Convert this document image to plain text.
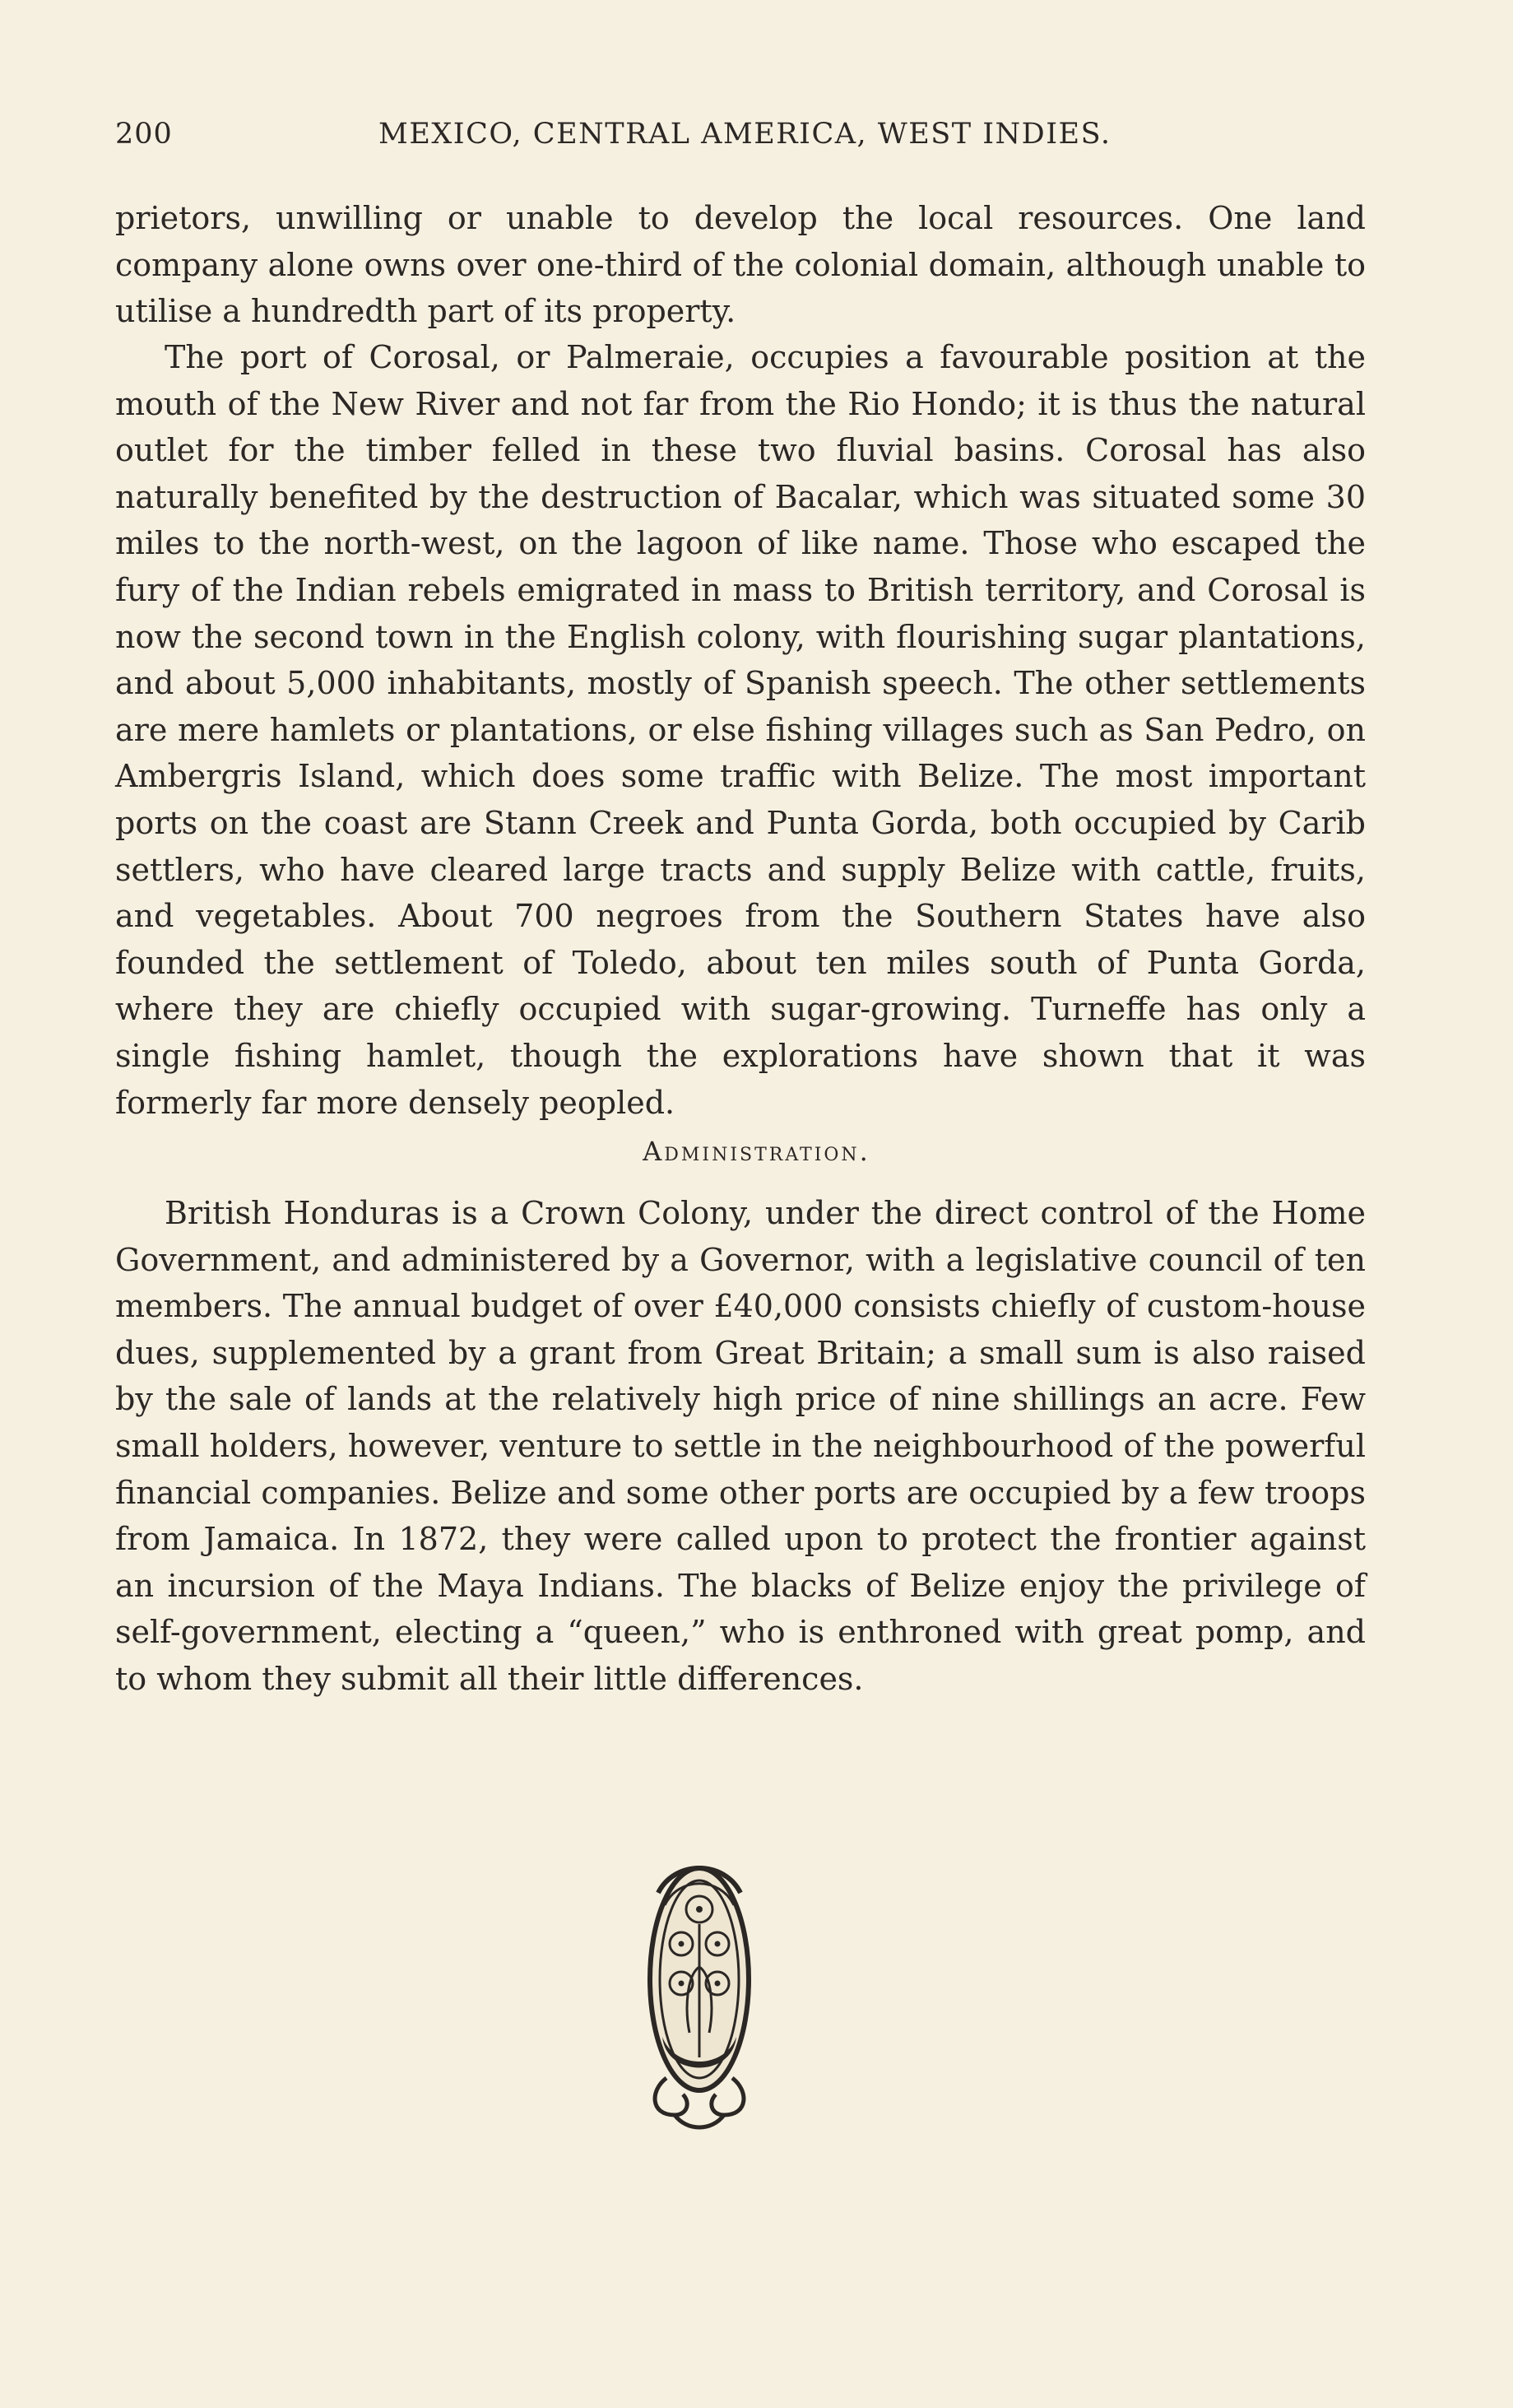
200	MEXICO, CENTRAL AMERICA, WEST INDIES.

prietors, unwilling or unable to develop the local resources. One land company alone owns over one-third of the colonial domain, although unable to utilise a hundredth part of its property.

The port of Corosal, or Palmeraie, occupies a favourable position at the mouth of the New River and not far from the Rio Hondo; it is thus the natural outlet for the timber felled in these two fluvial basins. Corosal has also naturally benefited by the destruction of Bacalar, which was situated some 30 miles to the north-west, on the lagoon of like name. Those who escaped the fury of the Indian rebels emigrated in mass to British territory, and Corosal is now the second town in the English colony, with flourishing sugar plantations, and about 5,000 inhabitants, mostly of Spanish speech. The other settlements are mere hamlets or plantations, or else fishing villages such as San Pedro, on Ambergris Island, which does some traffic with Belize. The most important ports on the coast are Stann Creek and Punta Gorda, both occupied by Carib settlers, who have cleared large tracts and supply Belize with cattle, fruits, and vegetables. About 700 negroes from the Southern States have also founded the settlement of Toledo, about ten miles south of Punta Gorda, where they are chiefly occupied with sugar-growing. Turneffe has only a single fishing hamlet, though the explorations have shown that it was formerly far more densely peopled.

Administration.

British Honduras is a Crown Colony, under the direct control of the Home Government, and administered by a Governor, with a legislative council of ten members. The annual budget of over £40,000 consists chiefly of custom-house dues, supplemented by a grant from Great Britain; a small sum is also raised by the sale of lands at the relatively high price of nine shillings an acre. Few small holders, however, venture to settle in the neighbourhood of the powerful financial companies. Belize and some other ports are occupied by a few troops from Jamaica. In 1872, they were called upon to protect the frontier against an incursion of the Maya Indians. The blacks of Belize enjoy the privilege of self-government, electing a “queen,” who is enthroned with great pomp, and to whom they submit all their little differences.
